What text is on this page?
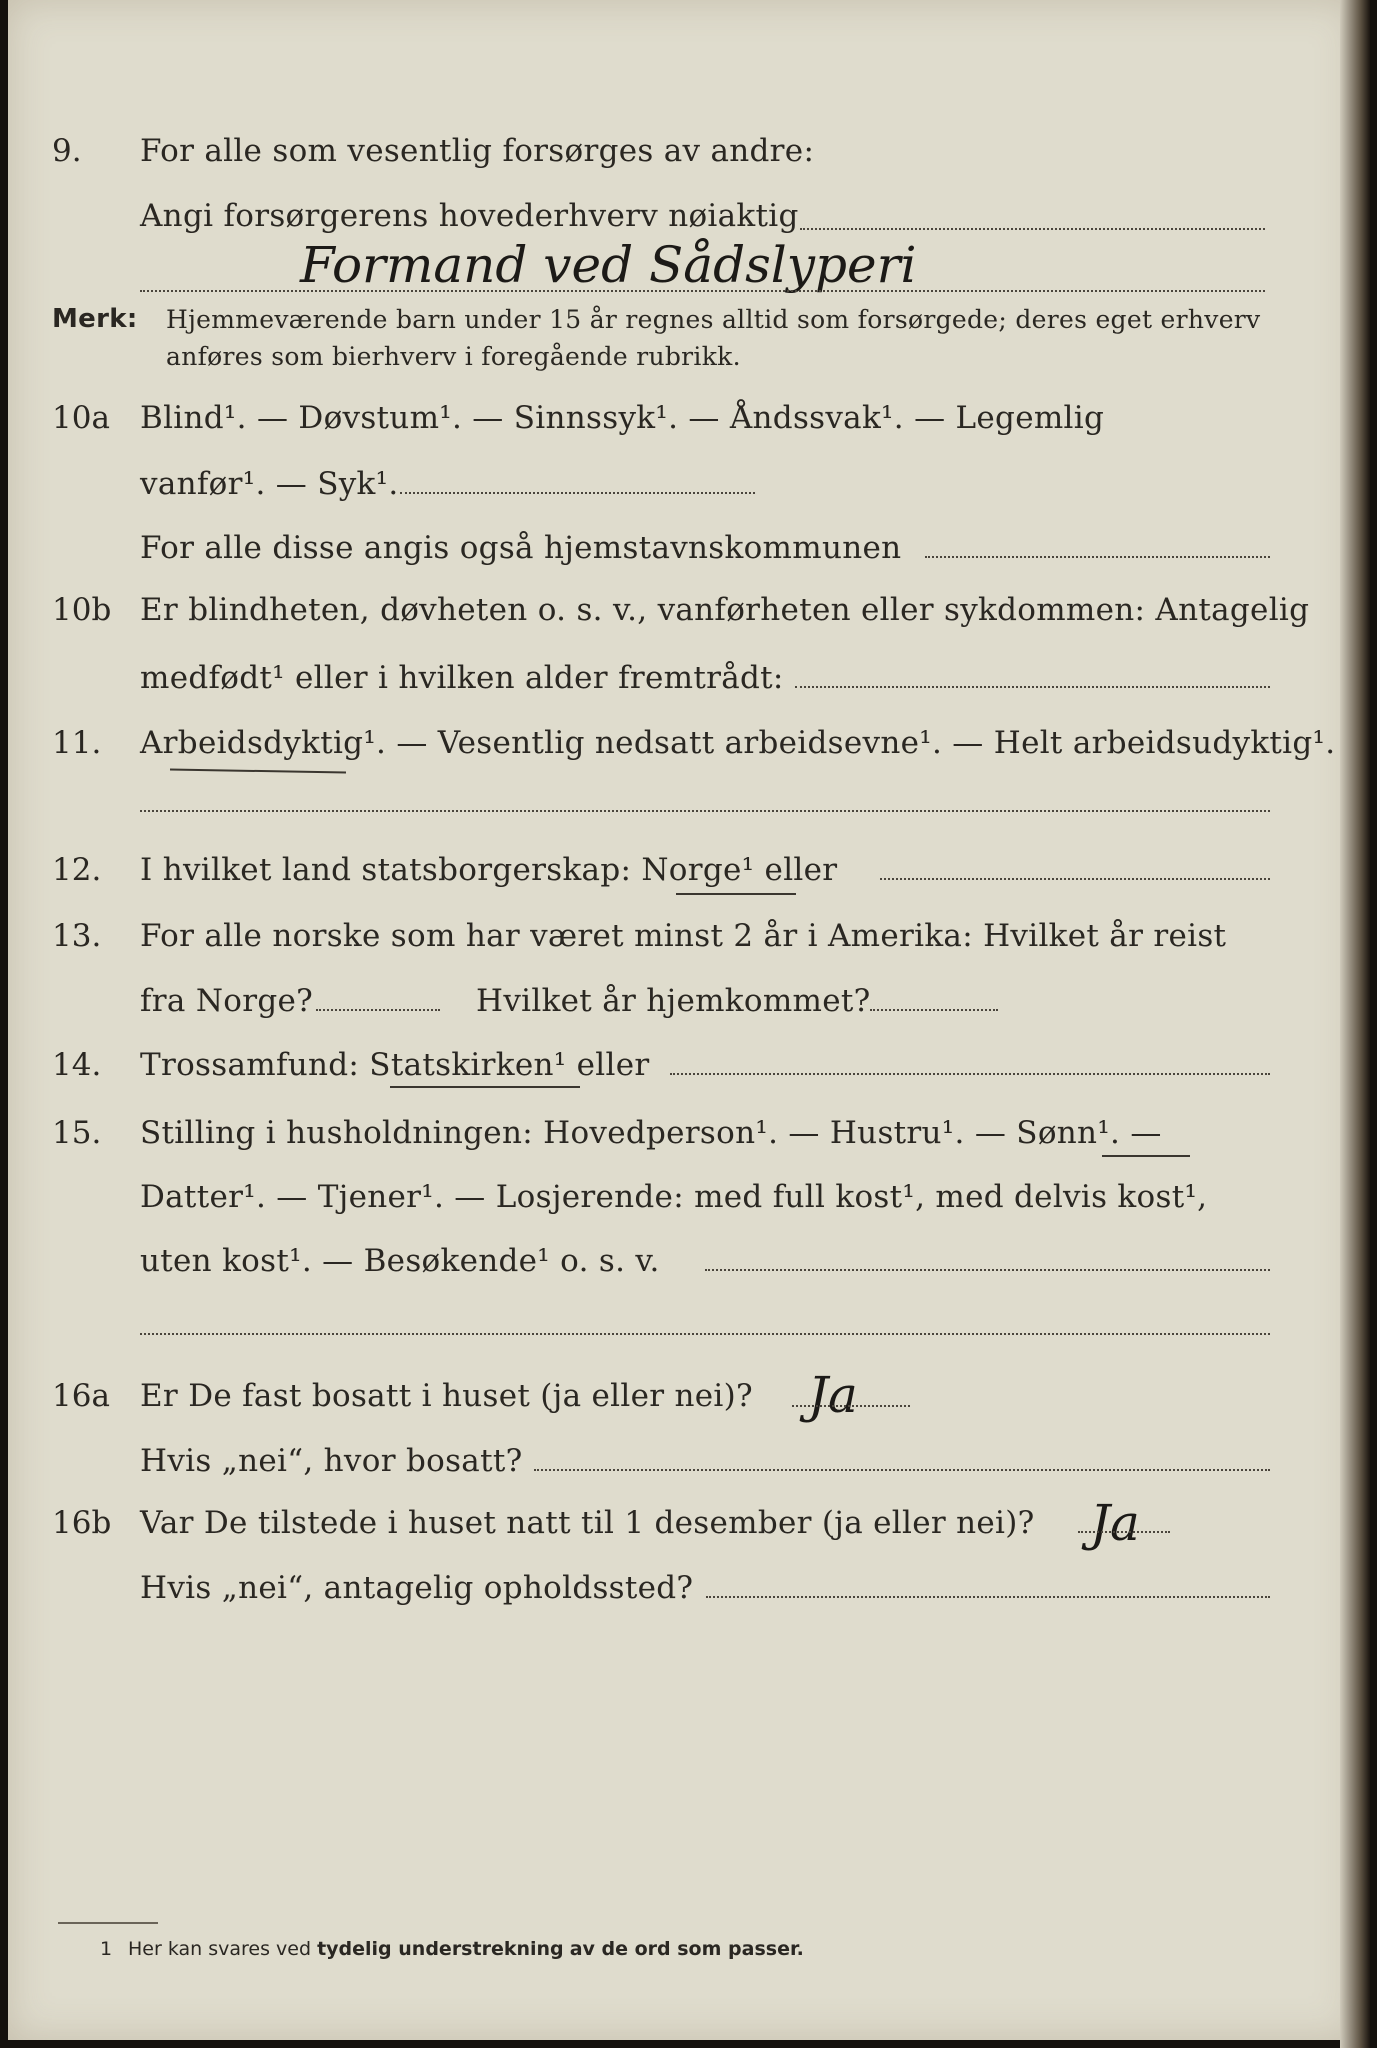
9. For alle som vesentlig forsørges av andre:
Angi forsørgerens hovederhverv nøiaktig
Formand ved Sådslyperi
Merk: Hjemmeværende barn under 15 år regnes alltid som forsørgede; deres eget erhverv
anføres som bierhverv i foregående rubrikk.
10a Blind¹. — Døvstum¹. — Sinnssyk¹. — Åndssvak¹. — Legemlig
vanfør¹. — Syk¹.
For alle disse angis også hjemstavnskommunen
10b Er blindheten, døvheten o. s. v., vanførheten eller sykdommen: Antagelig
medfødt¹ eller i hvilken alder fremtrådt:
11. Arbeidsdyktig¹. — Vesentlig nedsatt arbeidsevne¹. — Helt arbeidsudyktig¹.
12. I hvilket land statsborgerskap: Norge¹ eller
13. For alle norske som har været minst 2 år i Amerika: Hvilket år reist
fra Norge?	Hvilket år hjemkommet?
14. Trossamfund: Statskirken¹ eller
15. Stilling i husholdningen: Hovedperson¹. — Hustru¹. — Sønn¹. —
Datter¹. — Tjener¹. — Losjerende: med full kost¹, med delvis kost¹,
uten kost¹. — Besøkende¹ o. s. v.
16a Er De fast bosatt i huset (ja eller nei)? Ja
Hvis „nei“, hvor bosatt?
16b Var De tilstede i huset natt til 1 desember (ja eller nei)? Ja
Hvis „nei“, antagelig opholdssted?
1 Her kan svares ved tydelig understrekning av de ord som passer.
